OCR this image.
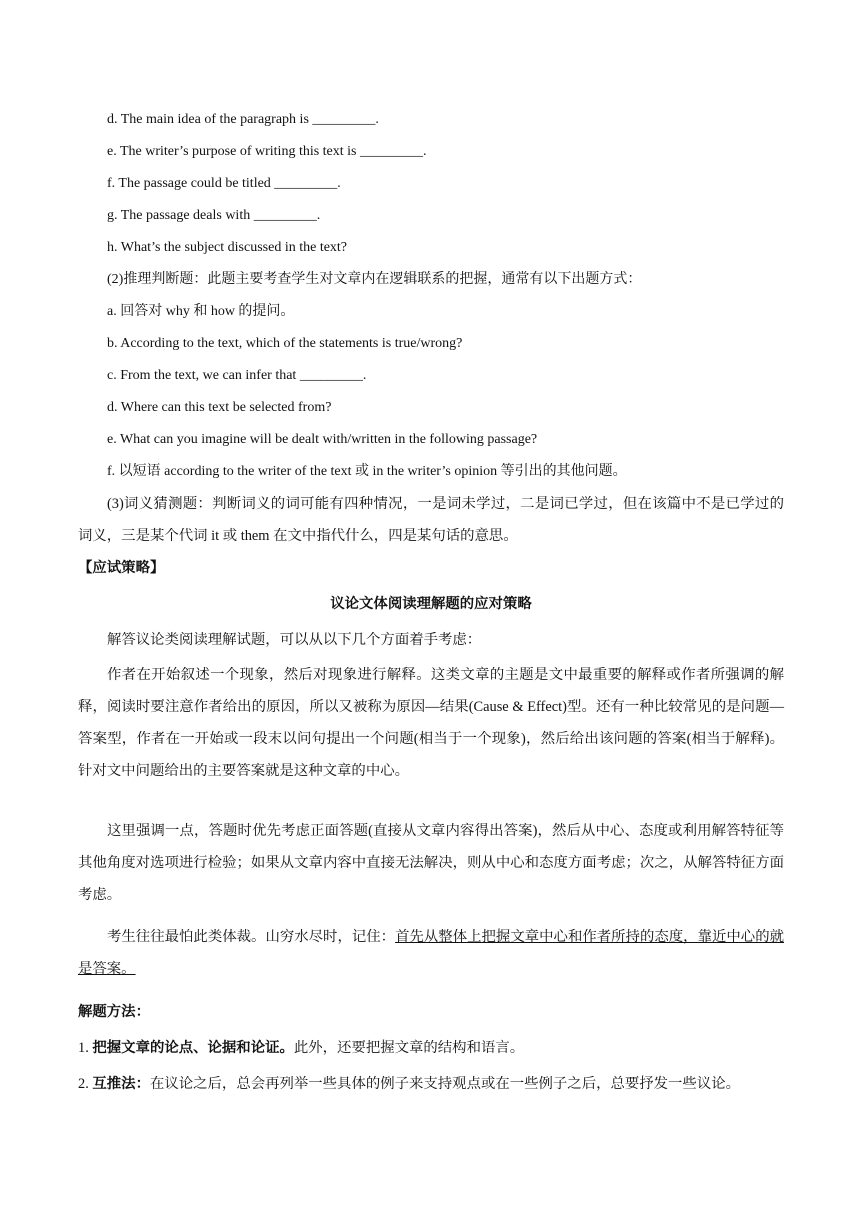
d. The main idea of the paragraph is _________.
e. The writer’s purpose of writing this text is _________.
f. The passage could be titled _________.
g. The passage deals with _________.
h. What’s the subject discussed in the text?
(2)推理判断题：此题主要考查学生对文章内在逻辑联系的把握，通常有以下出题方式：
a. 回答对 why 和 how 的提问。
b. According to the text, which of the statements is true/wrong?
c. From the text, we can infer that _________.
d. Where can this text be selected from?
e. What can you imagine will be dealt with/written in the following passage?
f. 以短语 according to the writer of the text 或 in the writer’s opinion 等引出的其他问题。
(3)词义猜测题：判断词义的词可能有四种情况，一是词未学过，二是词已学过，但在该篇中不是已学过的词义，三是某个代词 it 或 them 在文中指代什么，四是某句话的意思。
【应试策略】
议论文体阅读理解题的应对策略
解答议论类阅读理解试题，可以从以下几个方面着手考虑：
作者在开始叙述一个现象，然后对现象进行解释。这类文章的主题是文中最重要的解释或作者所强调的解释，阅读时要注意作者给出的原因，所以又被称为原因—结果(Cause & Effect)型。还有一种比较常见的是问题—答案型，作者在一开始或一段末以问句提出一个问题(相当于一个现象)，然后给出该问题的答案(相当于解释)。针对文中问题给出的主要答案就是这种文章的中心。
这里强调一点，答题时优先考虑正面答题(直接从文章内容得出答案)，然后从中心、态度或利用解答特征等其他角度对选项进行检验；如果从文章内容中直接无法解决，则从中心和态度方面考虑；次之，从解答特征方面考虑。
考生往往最怕此类体裁。山穷水尽时，记住：首先从整体上把握文章中心和作者所持的态度，靠近中心的就是答案。
解题方法：
1. 把握文章的论点、论据和论证。此外，还要把握文章的结构和语言。
2. 互推法：在议论之后，总会再列举一些具体的例子来支持观点或在一些例子之后，总要抒发一些议论。
